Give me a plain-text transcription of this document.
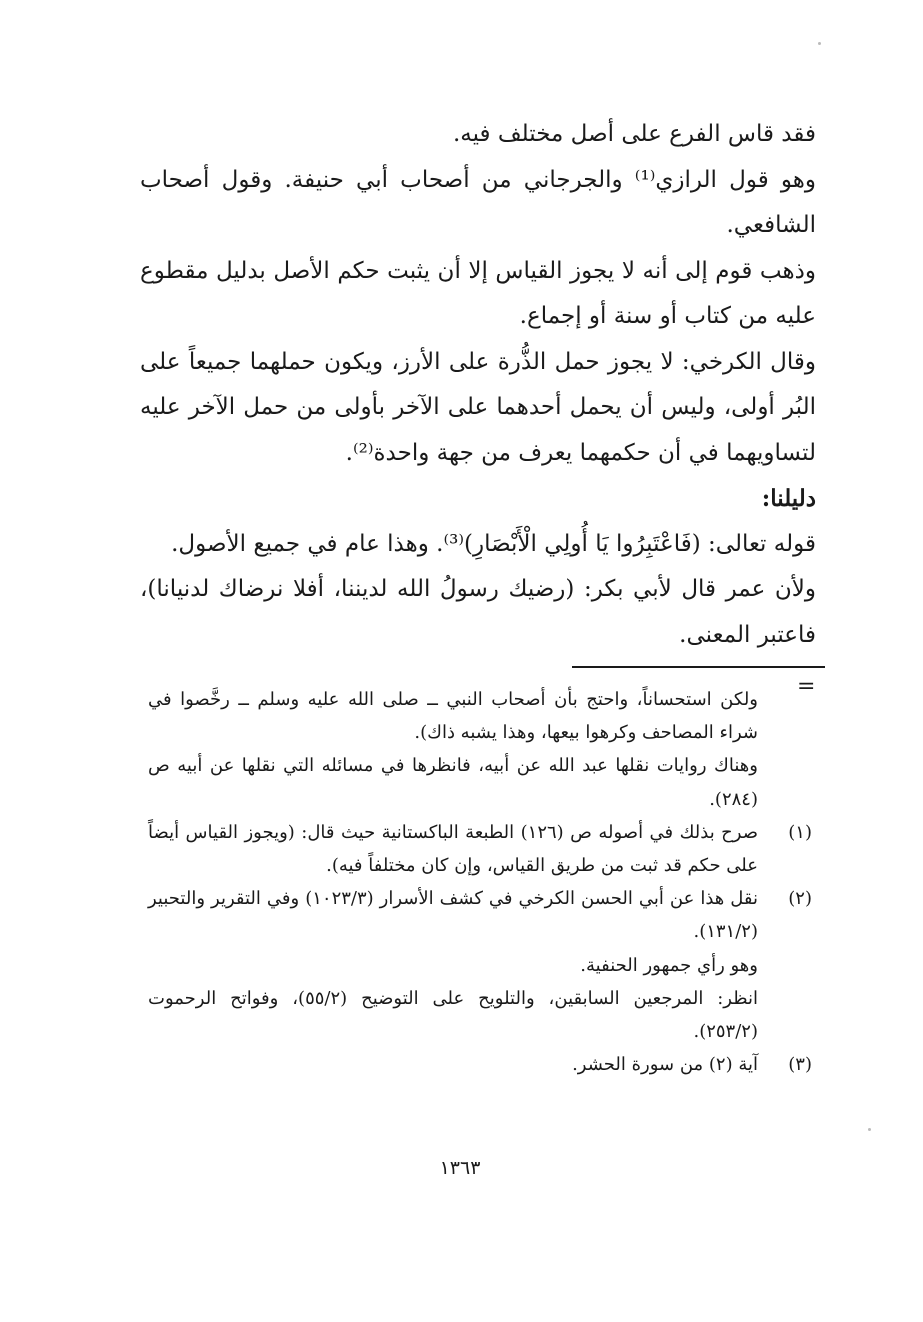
فقد قاس الفرع على أصل مختلف فيه.

وهو قول الرازي⁽¹⁾ والجرجاني من أصحاب أبي حنيفة. وقول أصحاب الشافعي.

وذهب قوم إلى أنه لا يجوز القياس إلا أن يثبت حكم الأصل بدليل مقطوع عليه من كتاب أو سنة أو إجماع.

وقال الكرخي: لا يجوز حمل الذُّرة على الأرز، ويكون حملهما جميعاً على البُر أولى، وليس أن يحمل أحدهما على الآخر بأولى من حمل الآخر عليه لتساويهما في أن حكمهما يعرف من جهة واحدة⁽²⁾.

دليلنا:

قوله تعالى: (فَاعْتَبِرُوا يَا أُولِي الْأَبْصَارِ)⁽³⁾. وهذا عام في جميع الأصول.

ولأن عمر قال لأبي بكر: (رضيك رسولُ الله لديننا، أفلا نرضاك لدنيانا)، فاعتبر المعنى.

=

ولكن استحساناً، واحتج بأن أصحاب النبي ــ صلى الله عليه وسلم ــ رخَّصوا في شراء المصاحف وكرهوا بيعها، وهذا يشبه ذاك).

وهناك روايات نقلها عبد الله عن أبيه، فانظرها في مسائله التي نقلها عن أبيه ص (٢٨٤).

(١)

صرح بذلك في أصوله ص (١٢٦) الطبعة الباكستانية حيث قال: (ويجوز القياس أيضاً على حكم قد ثبت من طريق القياس، وإن كان مختلفاً فيه).

(٢)

نقل هذا عن أبي الحسن الكرخي في كشف الأسرار (١٠٢٣/٣) وفي التقرير والتحبير (١٣١/٢).

وهو رأي جمهور الحنفية.

انظر: المرجعين السابقين، والتلويح على التوضيح (٥٥/٢)، وفواتح الرحموت (٢٥٣/٢).

(٣)

آية (٢) من سورة الحشر.

١٣٦٣
